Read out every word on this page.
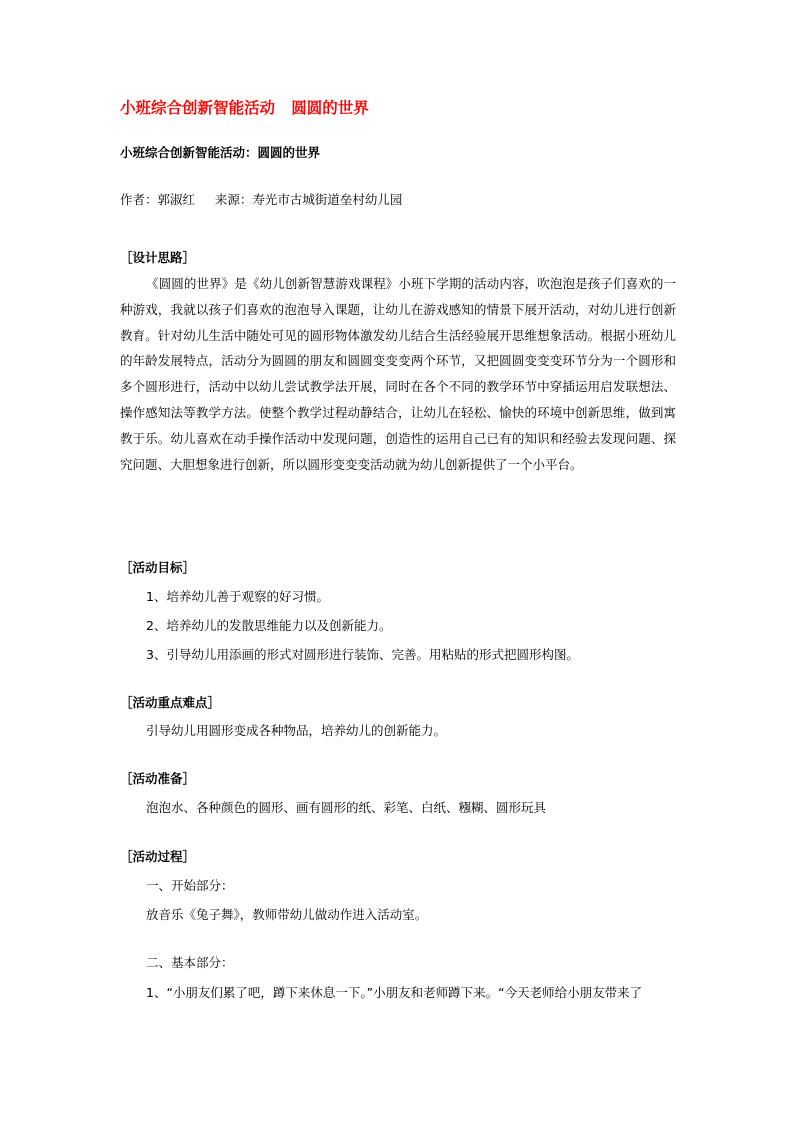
小班综合创新智能活动   圆圆的世界
小班综合创新智能活动：圆圆的世界
作者：郭淑红     来源：寿光市古城街道垒村幼儿园
［设计思路］
《圆圆的世界》是《幼儿创新智慧游戏课程》小班下学期的活动内容，吹泡泡是孩子们喜欢的一种游戏，我就以孩子们喜欢的泡泡导入课题，让幼儿在游戏感知的情景下展开活动，对幼儿进行创新教育。针对幼儿生活中随处可见的圆形物体激发幼儿结合生活经验展开思维想象活动。根据小班幼儿的年龄发展特点，活动分为圆圆的朋友和圆圆变变变两个环节，又把圆圆变变变环节分为一个圆形和多个圆形进行，活动中以幼儿尝试教学法开展，同时在各个不同的教学环节中穿插运用启发联想法、操作感知法等教学方法。使整个教学过程动静结合，让幼儿在轻松、愉快的环境中创新思维，做到寓教于乐。幼儿喜欢在动手操作活动中发现问题，创造性的运用自己已有的知识和经验去发现问题、探究问题、大胆想象进行创新，所以圆形变变变活动就为幼儿创新提供了一个小平台。
［活动目标］
1、培养幼儿善于观察的好习惯。
2、培养幼儿的发散思维能力以及创新能力。
3、引导幼儿用添画的形式对圆形进行装饰、完善。用粘贴的形式把圆形构图。
［活动重点难点］
引导幼儿用圆形变成各种物品，培养幼儿的创新能力。
［活动准备］
泡泡水、各种颜色的圆形、画有圆形的纸、彩笔、白纸、糨糊、圆形玩具
［活动过程］
一、开始部分：
放音乐《兔子舞》，教师带幼儿做动作进入活动室。
二、基本部分：
1、“小朋友们累了吧，蹲下来休息一下。”小朋友和老师蹲下来。“今天老师给小朋友带来了
